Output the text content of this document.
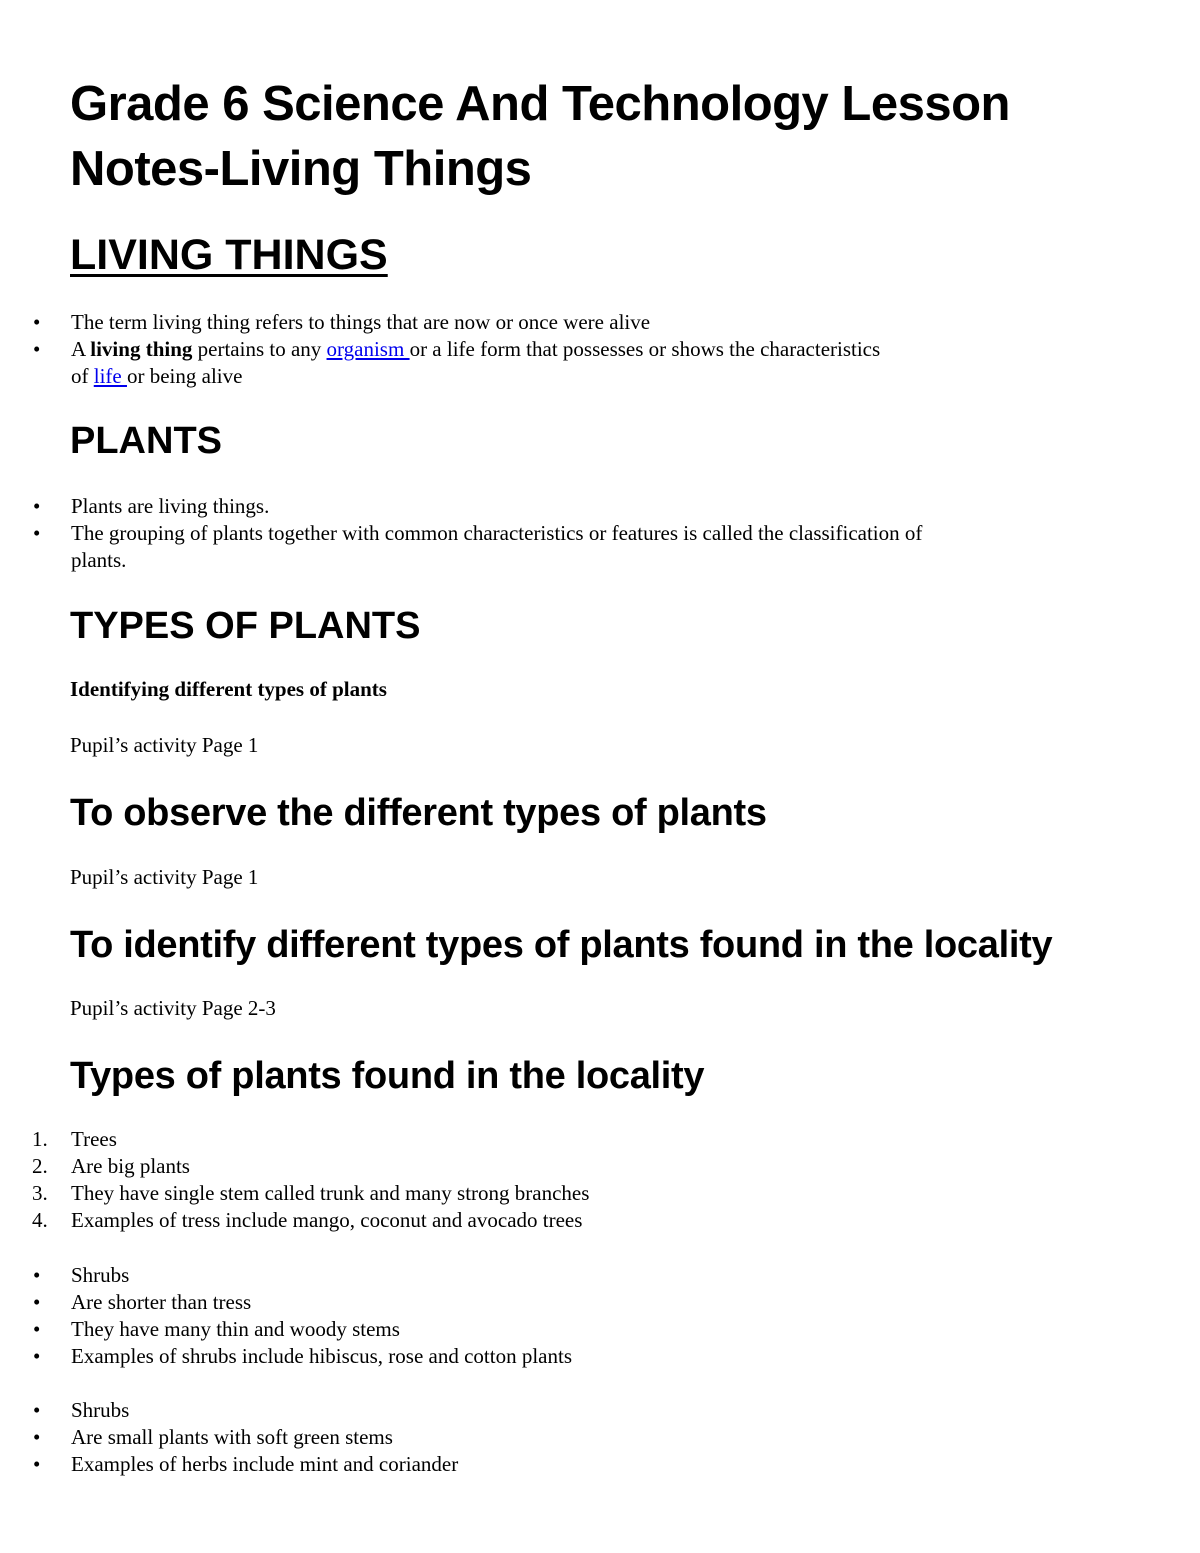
Grade 6 Science And Technology Lesson
Notes-Living Things
LIVING THINGS
•	The term living thing refers to things that are now or once were alive
•	A living thing pertains to any organism or a life form that possesses or shows the characteristics
of life or being alive
PLANTS
•	Plants are living things.
•	The grouping of plants together with common characteristics or features is called the classification of
plants.
TYPES OF PLANTS
Identifying different types of plants
Pupil’s activity Page 1
To observe the different types of plants
Pupil’s activity Page 1
To identify different types of plants found in the locality
Pupil’s activity Page 2-3
Types of plants found in the locality
1. Trees
2. Are big plants
3. They have single stem called trunk and many strong branches
4. Examples of tress include mango, coconut and avocado trees
•	Shrubs
•	Are shorter than tress
•	They have many thin and woody stems
•	Examples of shrubs include hibiscus, rose and cotton plants
•	Shrubs
•	Are small plants with soft green stems
•	Examples of herbs include mint and coriander
